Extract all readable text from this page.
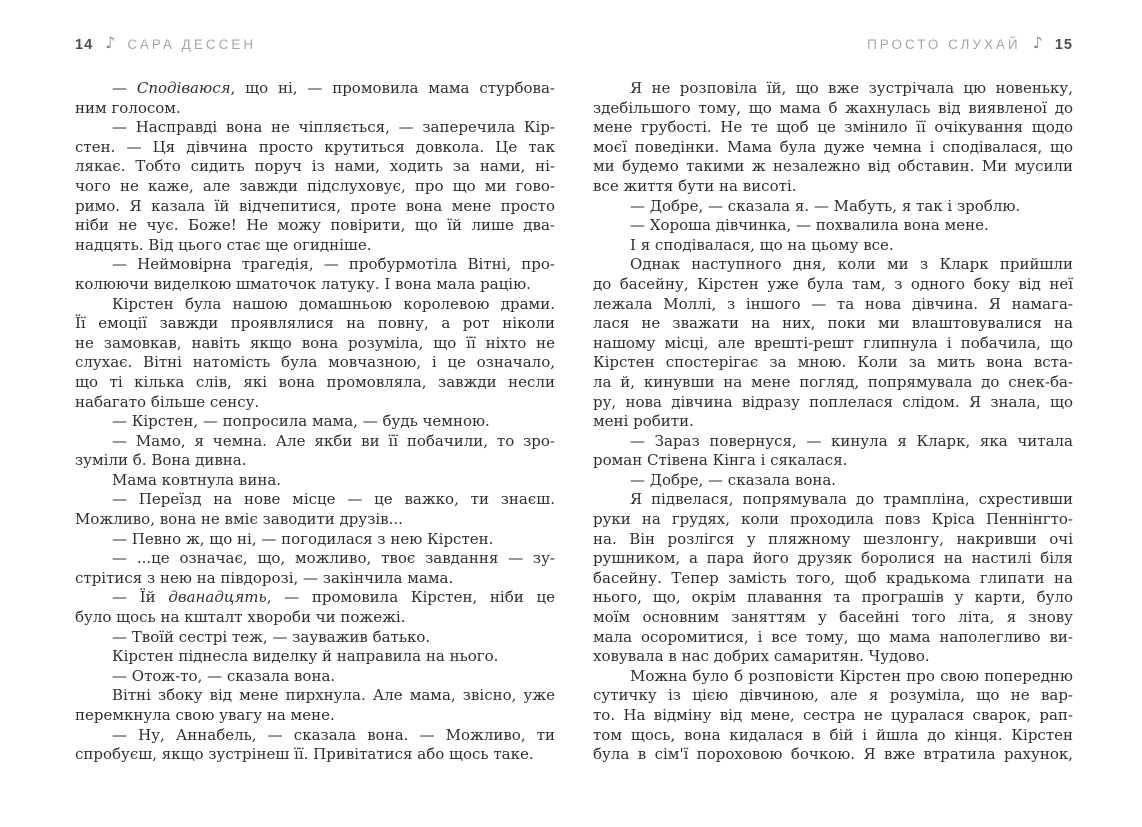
14 ♪ САРА ДЕССЕН
— Сподіваюся, що ні, — промовила мама стурбова-
ним голосом.
— Насправді вона не чіпляється, — заперечила Кір-
стен. — Ця дівчина просто крутиться довкола. Це так
лякає. Тобто сидить поруч із нами, ходить за нами, ні-
чого не каже, але завжди підслуховує, про що ми гово-
римо. Я казала їй відчепитися, проте вона мене просто
ніби не чує. Боже! Не можу повірити, що їй лише два-
надцять. Від цього стає ще огидніше.
— Неймовірна трагедія, — пробурмотіла Вітні, про-
колюючи виделкою шматочок латуку. І вона мала рацію.
Кірстен була нашою домашньою королевою драми.
Її емоції завжди проявлялися на повну, а рот ніколи
не замовкав, навіть якщо вона розуміла, що її ніхто не
слухає. Вітні натомість була мовчазною, і це означало,
що ті кілька слів, які вона промовляла, завжди несли
набагато більше сенсу.
— Кірстен, — попросила мама, — будь чемною.
— Мамо, я чемна. Але якби ви її побачили, то зро-
зуміли б. Вона дивна.
Мама ковтнула вина.
— Переїзд на нове місце — це важко, ти знаєш.
Можливо, вона не вміє заводити друзів...
— Певно ж, що ні, — погодилася з нею Кірстен.
— ...це означає, що, можливо, твоє завдання — зу-
стрітися з нею на півдорозі, — закінчила мама.
— Їй дванадцять, — промовила Кірстен, ніби це
було щось на кшталт хвороби чи пожежі.
— Твоїй сестрі теж, — зауважив батько.
Кірстен піднесла виделку й направила на нього.
— Отож-то, — сказала вона.
Вітні збоку від мене пирхнула. Але мама, звісно, уже
перемкнула свою увагу на мене.
— Ну, Аннабель, — сказала вона. — Можливо, ти
спробуєш, якщо зустрінеш її. Привітатися або щось таке.
ПРОСТО СЛУХАЙ ♪ 15
Я не розповіла їй, що вже зустрічала цю новеньку,
здебільшого тому, що мама б жахнулась від виявленої до
мене грубості. Не те щоб це змінило її очікування щодо
моєї поведінки. Мама була дуже чемна і сподівалася, що
ми будемо такими ж незалежно від обставин. Ми мусили
все життя бути на висоті.
— Добре, — сказала я. — Мабуть, я так і зроблю.
— Хороша дівчинка, — похвалила вона мене.
І я сподівалася, що на цьому все.
Однак наступного дня, коли ми з Кларк прийшли
до басейну, Кірстен уже була там, з одного боку від неї
лежала Моллі, з іншого — та нова дівчина. Я намага-
лася не зважати на них, поки ми влаштовувалися на
нашому місці, але врешті-решт глипнула і побачила, що
Кірстен спостерігає за мною. Коли за мить вона вста-
ла й, кинувши на мене погляд, попрямувала до снек-ба-
ру, нова дівчина відразу поплелася слідом. Я знала, що
мені робити.
— Зараз повернуся, — кинула я Кларк, яка читала
роман Стівена Кінга і сякалася.
— Добре, — сказала вона.
Я підвелася, попрямувала до трампліна, схрестивши
руки на грудях, коли проходила повз Кріса Пеннінгто-
на. Він розлігся у пляжному шезлонгу, накривши очі
рушником, а пара його друзяк боролися на настилі біля
басейну. Тепер замість того, щоб крадькома глипати на
нього, що, окрім плавання та програшів у карти, було
моїм основним заняттям у басейні того літа, я знову
мала осоромитися, і все тому, що мама наполегливо ви-
ховувала в нас добрих самаритян. Чудово.
Можна було б розповісти Кірстен про свою попередню
сутичку із цією дівчиною, але я розуміла, що не вар-
то. На відміну від мене, сестра не цуралася сварок, рап-
том щось, вона кидалася в бій і йшла до кінця. Кірстен
була в сім'ї пороховою бочкою. Я вже втратила рахунок,
